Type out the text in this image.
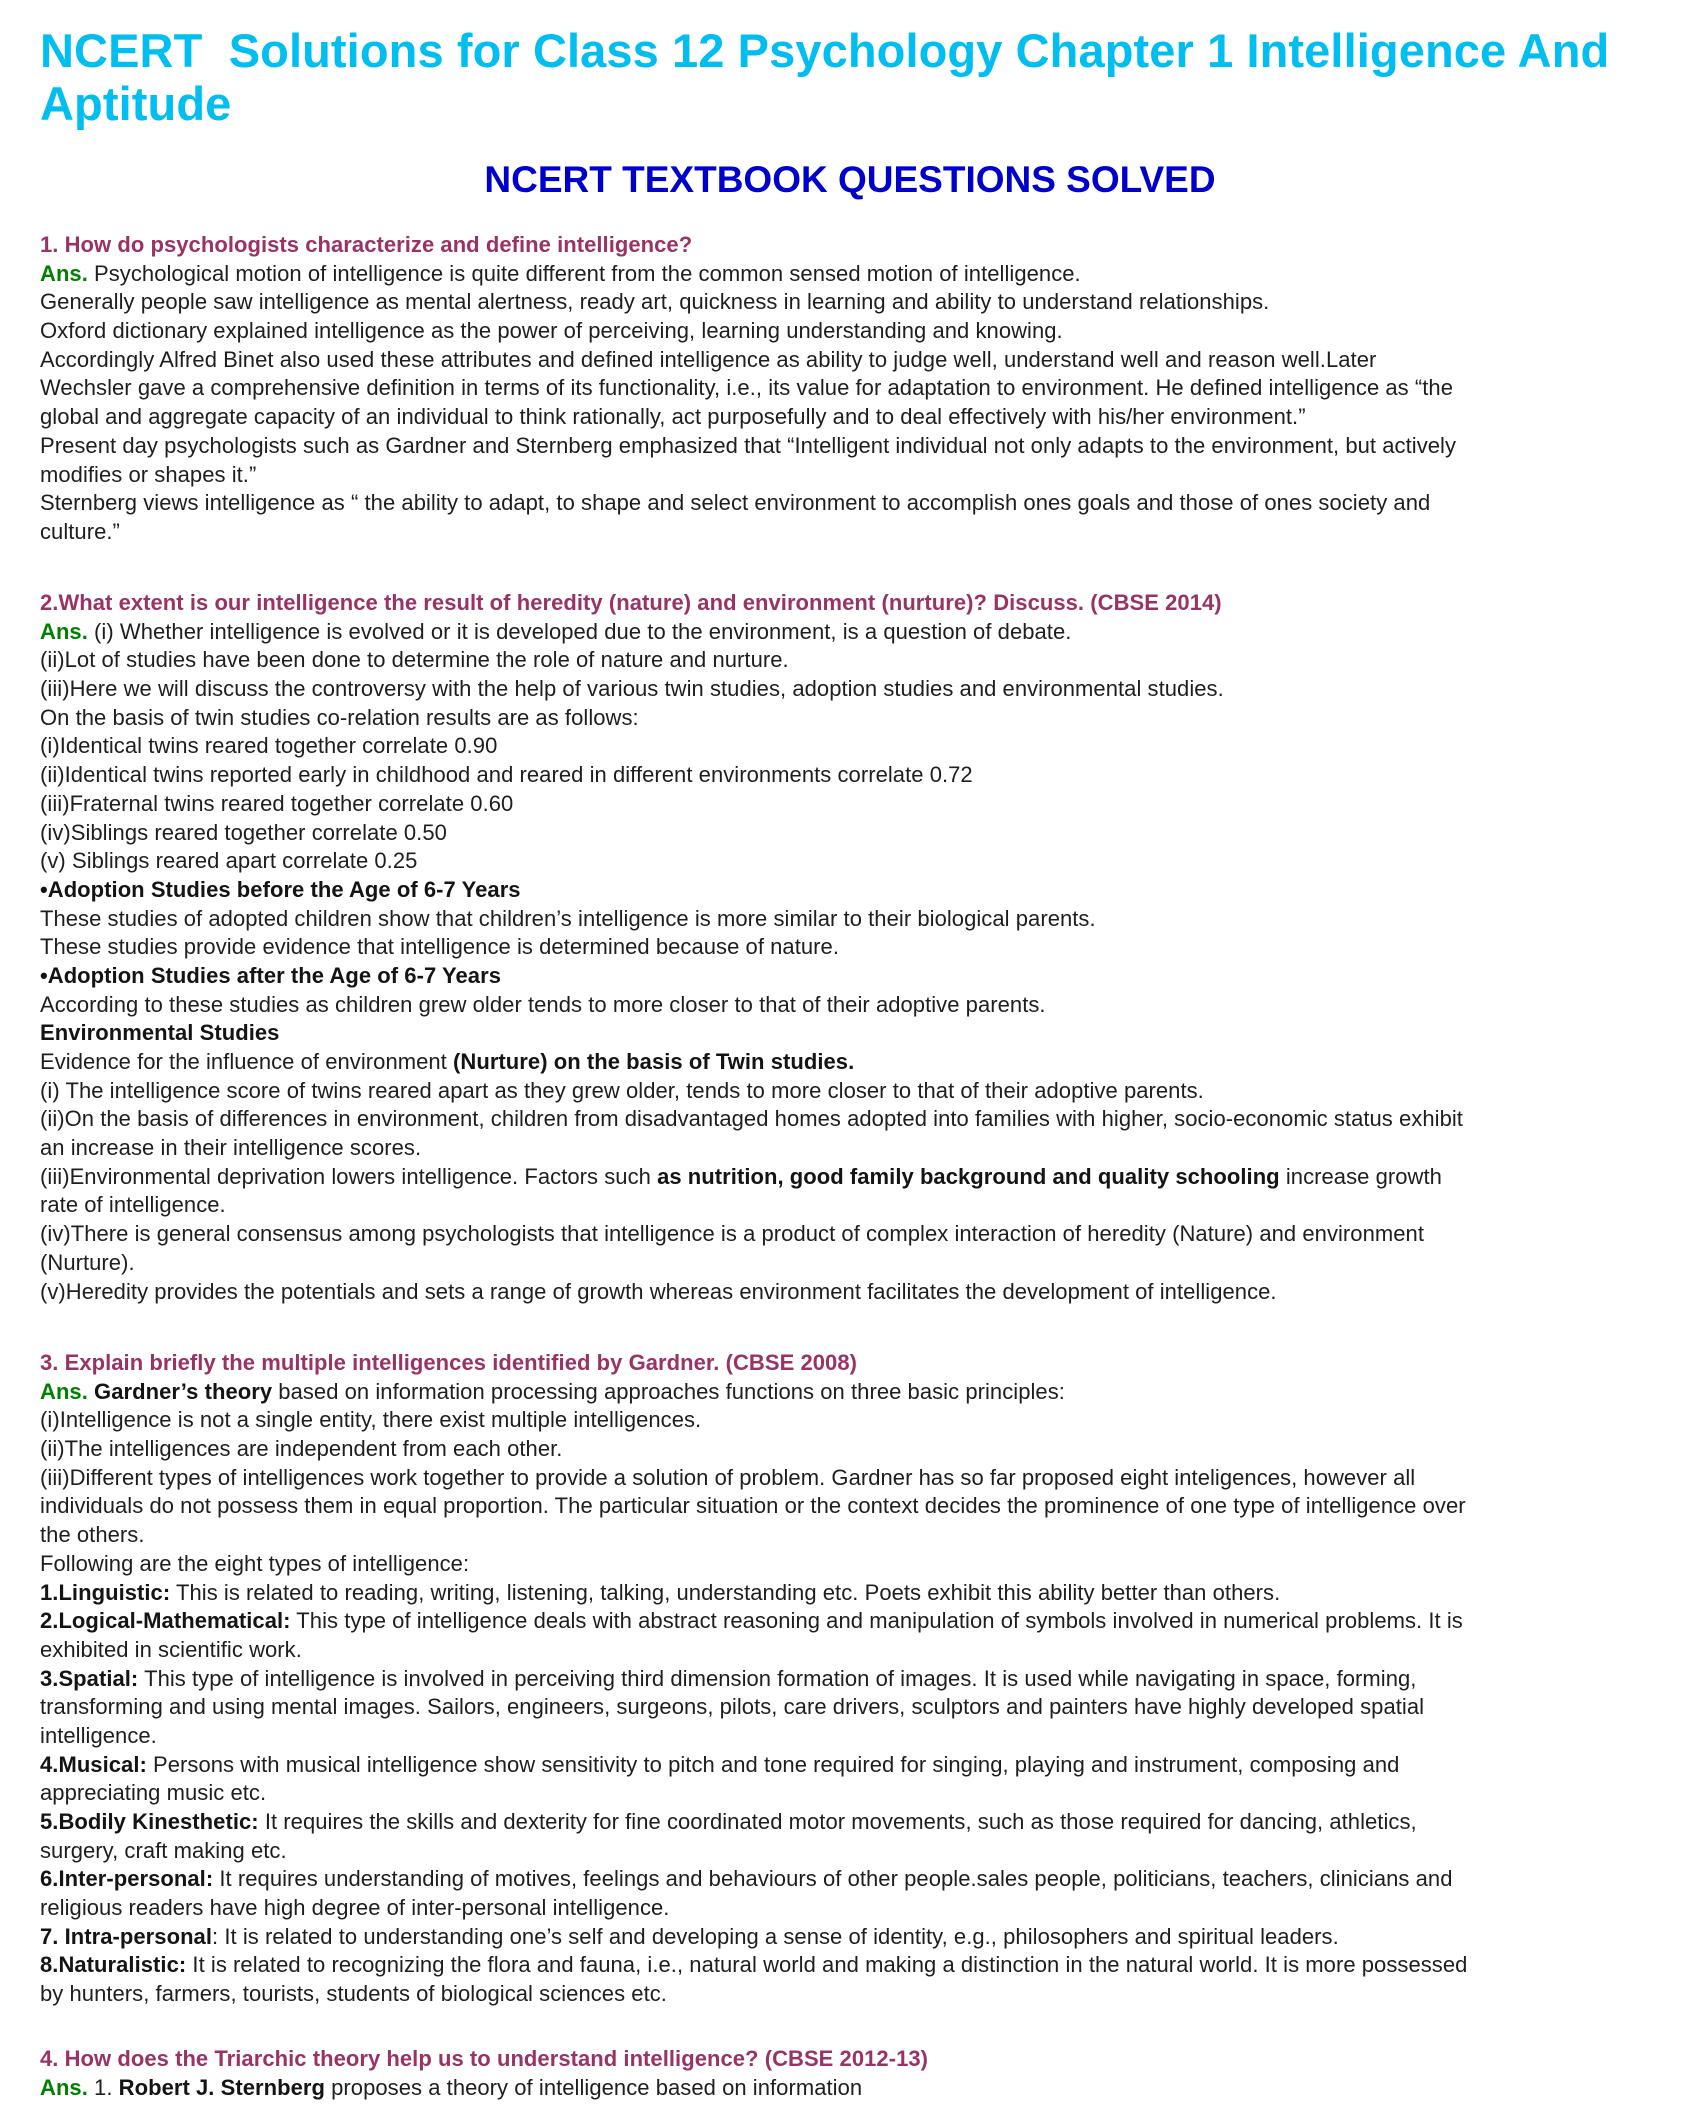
NCERT  Solutions for Class 12 Psychology Chapter 1 Intelligence And Aptitude
NCERT TEXTBOOK QUESTIONS SOLVED
1. How do psychologists characterize and define intelligence?
Ans. Psychological motion of intelligence is quite different from the common sensed motion of intelligence.
Generally people saw intelligence as mental alertness, ready art, quickness in learning and ability to understand relationships.
Oxford dictionary explained intelligence as the power of perceiving, learning understanding and knowing.
Accordingly Alfred Binet also used these attributes and defined intelligence as ability to judge well, understand well and reason well.Later
Wechsler gave a comprehensive definition in terms of its functionality, i.e., its value for adaptation to environment. He defined intelligence as “the
global and aggregate capacity of an individual to think rationally, act purposefully and to deal effectively with his/her environment.”
Present day psychologists such as Gardner and Sternberg emphasized that “Intelligent individual not only adapts to the environment, but actively
modifies or shapes it.”
Sternberg views intelligence as “ the ability to adapt, to shape and select environment to accomplish ones goals and those of ones society and
culture.”
2.What extent is our intelligence the result of heredity (nature) and environment (nurture)? Discuss. (CBSE 2014)
Ans. (i) Whether intelligence is evolved or it is developed due to the environment, is a question of debate.
(ii)Lot of studies have been done to determine the role of nature and nurture.
(iii)Here we will discuss the controversy with the help of various twin studies, adoption studies and environmental studies.
On the basis of twin studies co-relation results are as follows:
(i)Identical twins reared together correlate 0.90
(ii)Identical twins reported early in childhood and reared in different environments correlate 0.72
(iii)Fraternal twins reared together correlate 0.60
(iv)Siblings reared together correlate 0.50
(v) Siblings reared apart correlate 0.25
•Adoption Studies before the Age of 6-7 Years
These studies of adopted children show that children’s intelligence is more similar to their biological parents.
These studies provide evidence that intelligence is determined because of nature.
•Adoption Studies after the Age of 6-7 Years
According to these studies as children grew older tends to more closer to that of their adoptive parents.
Environmental Studies
Evidence for the influence of environment (Nurture) on the basis of Twin studies.
(i) The intelligence score of twins reared apart as they grew older, tends to more closer to that of their adoptive parents.
(ii)On the basis of differences in environment, children from disadvantaged homes adopted into families with higher, socio-economic status exhibit
an increase in their intelligence scores.
(iii)Environmental deprivation lowers intelligence. Factors such as nutrition, good family background and quality schooling increase growth
rate of intelligence.
(iv)There is general consensus among psychologists that intelligence is a product of complex interaction of heredity (Nature) and environment
(Nurture).
(v)Heredity provides the potentials and sets a range of growth whereas environment facilitates the development of intelligence.
3. Explain briefly the multiple intelligences identified by Gardner. (CBSE 2008)
Ans. Gardner’s theory based on information processing approaches functions on three basic principles:
(i)Intelligence is not a single entity, there exist multiple intelligences.
(ii)The intelligences are independent from each other.
(iii)Different types of intelligences work together to provide a solution of problem. Gardner has so far proposed eight inteligences, however all
individuals do not possess them in equal proportion. The particular situation or the context decides the prominence of one type of intelligence over
the others.
Following are the eight types of intelligence:
1.Linguistic: This is related to reading, writing, listening, talking, understanding etc. Poets exhibit this ability better than others.
2.Logical-Mathematical: This type of intelligence deals with abstract reasoning and manipulation of symbols involved in numerical problems. It is
exhibited in scientific work.
3.Spatial: This type of intelligence is involved in perceiving third dimension formation of images. It is used while navigating in space, forming,
transforming and using mental images. Sailors, engineers, surgeons, pilots, care drivers, sculptors and painters have highly developed spatial
intelligence.
4.Musical: Persons with musical intelligence show sensitivity to pitch and tone required for singing, playing and instrument, composing and
appreciating music etc.
5.Bodily Kinesthetic: It requires the skills and dexterity for fine coordinated motor movements, such as those required for dancing, athletics,
surgery, craft making etc.
6.Inter-personal: It requires understanding of motives, feelings and behaviours of other people.sales people, politicians, teachers, clinicians and
religious readers have high degree of inter-personal intelligence.
7. Intra-personal: It is related to understanding one’s self and developing a sense of identity, e.g., philosophers and spiritual leaders.
8.Naturalistic: It is related to recognizing the flora and fauna, i.e., natural world and making a distinction in the natural world. It is more possessed
by hunters, farmers, tourists, students of biological sciences etc.
4. How does the Triarchic theory help us to understand intelligence? (CBSE 2012-13)
Ans. 1. Robert J. Sternberg proposes a theory of intelligence based on information
